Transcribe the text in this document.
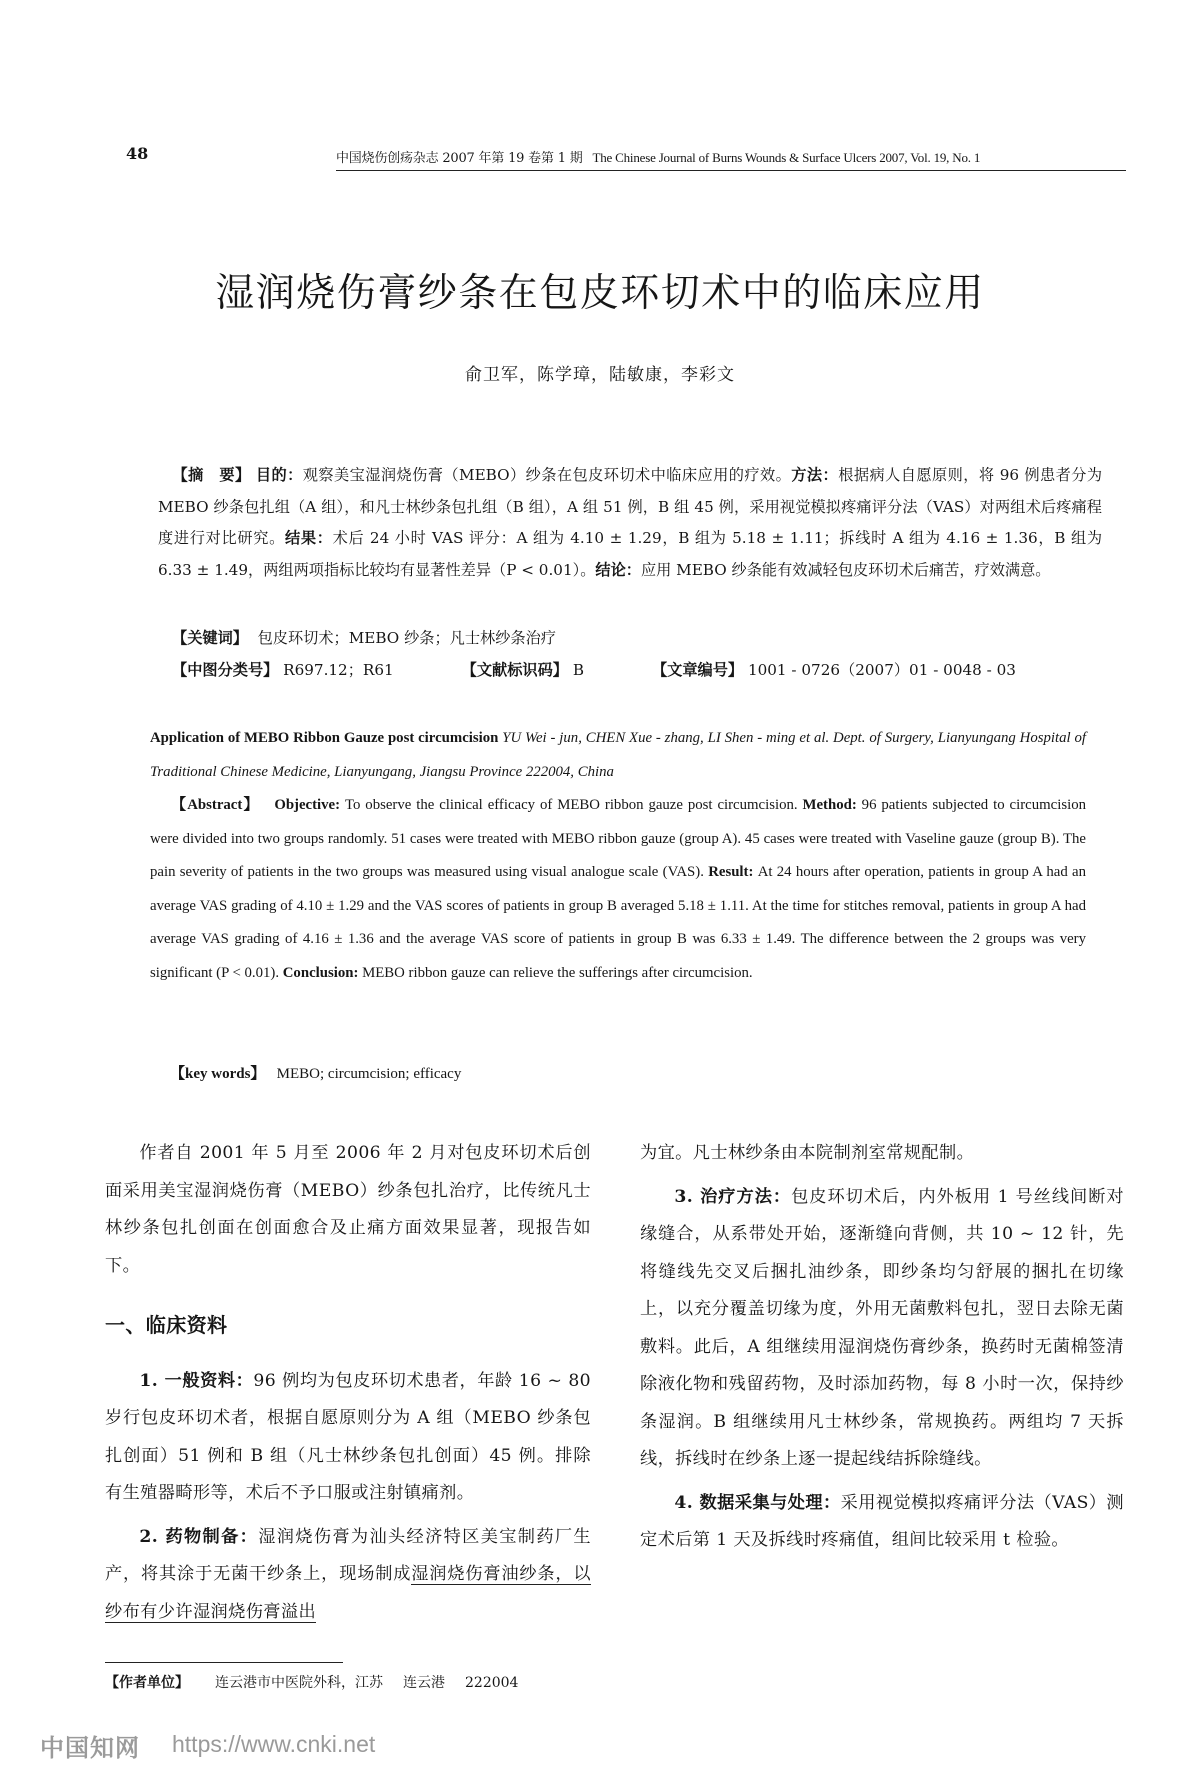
48	中国烧伤创疡杂志 2007 年第 19 卷第 1 期 The Chinese Journal of Burns Wounds & Surface Ulcers 2007, Vol. 19, No. 1
湿润烧伤膏纱条在包皮环切术中的临床应用
俞卫军，陈学璋，陆敏康，李彩文
【摘　要】 目的：观察美宝湿润烧伤膏（MEBO）纱条在包皮环切术中临床应用的疗效。方法：根据病人自愿原则，将 96 例患者分为 MEBO 纱条包扎组（A 组），和凡士林纱条包扎组（B 组），A 组 51 例，B 组 45 例，采用视觉模拟疼痛评分法（VAS）对两组术后疼痛程度进行对比研究。结果：术后 24 小时 VAS 评分：A 组为 4.10 ± 1.29，B 组为 5.18 ± 1.11；拆线时 A 组为 4.16 ± 1.36，B 组为 6.33 ± 1.49，两组两项指标比较均有显著性差异（P < 0.01）。结论：应用 MEBO 纱条能有效减轻包皮环切术后痛苦，疗效满意。
【关键词】 包皮环切术；MEBO 纱条；凡士林纱条治疗
【中图分类号】 R697.12；R61	【文献标识码】 B	【文章编号】 1001 - 0726（2007）01 - 0048 - 03
Application of MEBO Ribbon Gauze post circumcision YU Wei - jun, CHEN Xue - zhang, LI Shen - ming et al. Dept. of Surgery, Lianyungang Hospital of Traditional Chinese Medicine, Lianyungang, Jiangsu Province 222004, China
【Abstract】 Objective: To observe the clinical efficacy of MEBO ribbon gauze post circumcision. Method: 96 patients subjected to circumcision were divided into two groups randomly. 51 cases were treated with MEBO ribbon gauze (group A). 45 cases were treated with Vaseline gauze (group B). The pain severity of patients in the two groups was measured using visual analogue scale (VAS). Result: At 24 hours after operation, patients in group A had an average VAS grading of 4.10 ± 1.29 and the VAS scores of patients in group B averaged 5.18 ± 1.11. At the time for stitches removal, patients in group A had average VAS grading of 4.16 ± 1.36 and the average VAS score of patients in group B was 6.33 ± 1.49. The difference between the 2 groups was very significant (P < 0.01). Conclusion: MEBO ribbon gauze can relieve the sufferings after circumcision.
【key words】 MEBO; circumcision; efficacy

作者自 2001 年 5 月至 2006 年 2 月对包皮环切术后创面采用美宝湿润烧伤膏（MEBO）纱条包扎治疗，比传统凡士林纱条包扎创面在创面愈合及止痛方面效果显著，现报告如下。

一、临床资料

1. 一般资料：96 例均为包皮环切术患者，年龄 16 ~ 80 岁行包皮环切术者，根据自愿原则分为 A 组（MEBO 纱条包扎创面）51 例和 B 组（凡士林纱条包扎创面）45 例。排除有生殖器畸形等，术后不予口服或注射镇痛剂。

2. 药物制备：湿润烧伤膏为汕头经济特区美宝制药厂生产，将其涂于无菌干纱条上，现场制成湿润烧伤膏油纱条，以纱布有少许湿润烧伤膏溢出

为宜。凡士林纱条由本院制剂室常规配制。

3. 治疗方法：包皮环切术后，内外板用 1 号丝线间断对缘缝合，从系带处开始，逐渐缝向背侧，共 10 ~ 12 针，先将缝线先交叉后捆扎油纱条，即纱条均匀舒展的捆扎在切缘上，以充分覆盖切缘为度，外用无菌敷料包扎，翌日去除无菌敷料。此后，A 组继续用湿润烧伤膏纱条，换药时无菌棉签清除液化物和残留药物，及时添加药物，每 8 小时一次，保持纱条湿润。B 组继续用凡士林纱条，常规换药。两组均 7 天拆线，拆线时在纱条上逐一提起线结拆除缝线。

4. 数据采集与处理：采用视觉模拟疼痛评分法（VAS）测定术后第 1 天及拆线时疼痛值，组间比较采用 t 检验。

【作者单位】 连云港市中医院外科，江苏 连云港 222004
中国知网 https://www.cnki.net
